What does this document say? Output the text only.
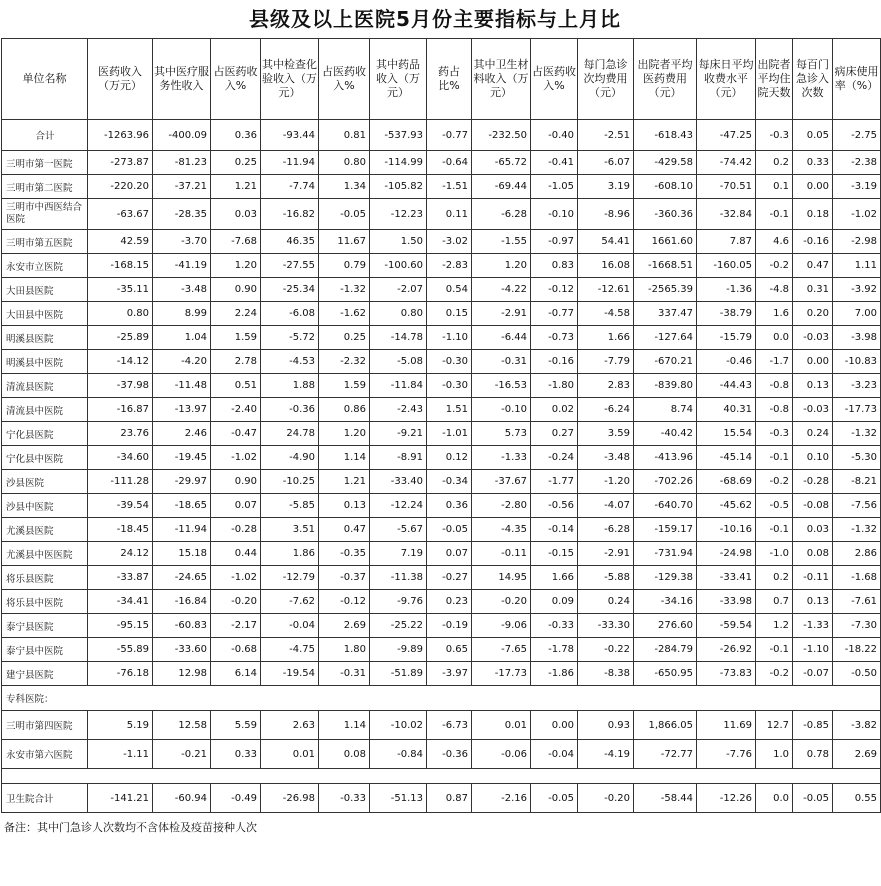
县级及以上医院5月份主要指标与上月比
单位名称	医药收入（万元）	其中医疗服务性收入	占医药收入%	其中检查化验收入（万元）	占医药收入%	其中药品收入（万元）	药占比%	其中卫生材料收入（万元）	占医药收入%	每门急诊次均费用（元）	出院者平均医药费用（元）	每床日平均收费水平（元）	出院者平均住院天数	每百门急诊入次数	病床使用率（%）
合计	-1263.96	-400.09	0.36	-93.44	0.81	-537.93	-0.77	-232.50	-0.40	-2.51	-618.43	-47.25	-0.3	0.05	-2.75
三明市第一医院	-273.87	-81.23	0.25	-11.94	0.80	-114.99	-0.64	-65.72	-0.41	-6.07	-429.58	-74.42	0.2	0.33	-2.38
三明市第二医院	-220.20	-37.21	1.21	-7.74	1.34	-105.82	-1.51	-69.44	-1.05	3.19	-608.10	-70.51	0.1	0.00	-3.19
三明市中西医结合医院	-63.67	-28.35	0.03	-16.82	-0.05	-12.23	0.11	-6.28	-0.10	-8.96	-360.36	-32.84	-0.1	0.18	-1.02
三明市第五医院	42.59	-3.70	-7.68	46.35	11.67	1.50	-3.02	-1.55	-0.97	54.41	1661.60	7.87	4.6	-0.16	-2.98
永安市立医院	-168.15	-41.19	1.20	-27.55	0.79	-100.60	-2.83	1.20	0.83	16.08	-1668.51	-160.05	-0.2	0.47	1.11
大田县医院	-35.11	-3.48	0.90	-25.34	-1.32	-2.07	0.54	-4.22	-0.12	-12.61	-2565.39	-1.36	-4.8	0.31	-3.92
大田县中医院	0.80	8.99	2.24	-6.08	-1.62	0.80	0.15	-2.91	-0.77	-4.58	337.47	-38.79	1.6	0.20	7.00
明溪县医院	-25.89	1.04	1.59	-5.72	0.25	-14.78	-1.10	-6.44	-0.73	1.66	-127.64	-15.79	0.0	-0.03	-3.98
明溪县中医院	-14.12	-4.20	2.78	-4.53	-2.32	-5.08	-0.30	-0.31	-0.16	-7.79	-670.21	-0.46	-1.7	0.00	-10.83
清流县医院	-37.98	-11.48	0.51	1.88	1.59	-11.84	-0.30	-16.53	-1.80	2.83	-839.80	-44.43	-0.8	0.13	-3.23
清流县中医院	-16.87	-13.97	-2.40	-0.36	0.86	-2.43	1.51	-0.10	0.02	-6.24	8.74	40.31	-0.8	-0.03	-17.73
宁化县医院	23.76	2.46	-0.47	24.78	1.20	-9.21	-1.01	5.73	0.27	3.59	-40.42	15.54	-0.3	0.24	-1.32
宁化县中医院	-34.60	-19.45	-1.02	-4.90	1.14	-8.91	0.12	-1.33	-0.24	-3.48	-413.96	-45.14	-0.1	0.10	-5.30
沙县医院	-111.28	-29.97	0.90	-10.25	1.21	-33.40	-0.34	-37.67	-1.77	-1.20	-702.26	-68.69	-0.2	-0.28	-8.21
沙县中医院	-39.54	-18.65	0.07	-5.85	0.13	-12.24	0.36	-2.80	-0.56	-4.07	-640.70	-45.62	-0.5	-0.08	-7.56
尤溪县医院	-18.45	-11.94	-0.28	3.51	0.47	-5.67	-0.05	-4.35	-0.14	-6.28	-159.17	-10.16	-0.1	0.03	-1.32
尤溪县中医医院	24.12	15.18	0.44	1.86	-0.35	7.19	0.07	-0.11	-0.15	-2.91	-731.94	-24.98	-1.0	0.08	2.86
将乐县医院	-33.87	-24.65	-1.02	-12.79	-0.37	-11.38	-0.27	14.95	1.66	-5.88	-129.38	-33.41	0.2	-0.11	-1.68
将乐县中医院	-34.41	-16.84	-0.20	-7.62	-0.12	-9.76	0.23	-0.20	0.09	0.24	-34.16	-33.98	0.7	0.13	-7.61
泰宁县医院	-95.15	-60.83	-2.17	-0.04	2.69	-25.22	-0.19	-9.06	-0.33	-33.30	276.60	-59.54	1.2	-1.33	-7.30
泰宁县中医院	-55.89	-33.60	-0.68	-4.75	1.80	-9.89	0.65	-7.65	-1.78	-0.22	-284.79	-26.92	-0.1	-1.10	-18.22
建宁县医院	-76.18	12.98	6.14	-19.54	-0.31	-51.89	-3.97	-17.73	-1.86	-8.38	-650.95	-73.83	-0.2	-0.07	-0.50
专科医院：															
三明市第四医院	5.19	12.58	5.59	2.63	1.14	-10.02	-6.73	0.01	0.00	0.93	1,866.05	11.69	12.7	-0.85	-3.82
永安市第六医院	-1.11	-0.21	0.33	0.01	0.08	-0.84	-0.36	-0.06	-0.04	-4.19	-72.77	-7.76	1.0	0.78	2.69

卫生院合计	-141.21	-60.94	-0.49	-26.98	-0.33	-51.13	0.87	-2.16	-0.05	-0.20	-58.44	-12.26	0.0	-0.05	0.55
备注：其中门急诊人次数均不含体检及疫苗接种人次
